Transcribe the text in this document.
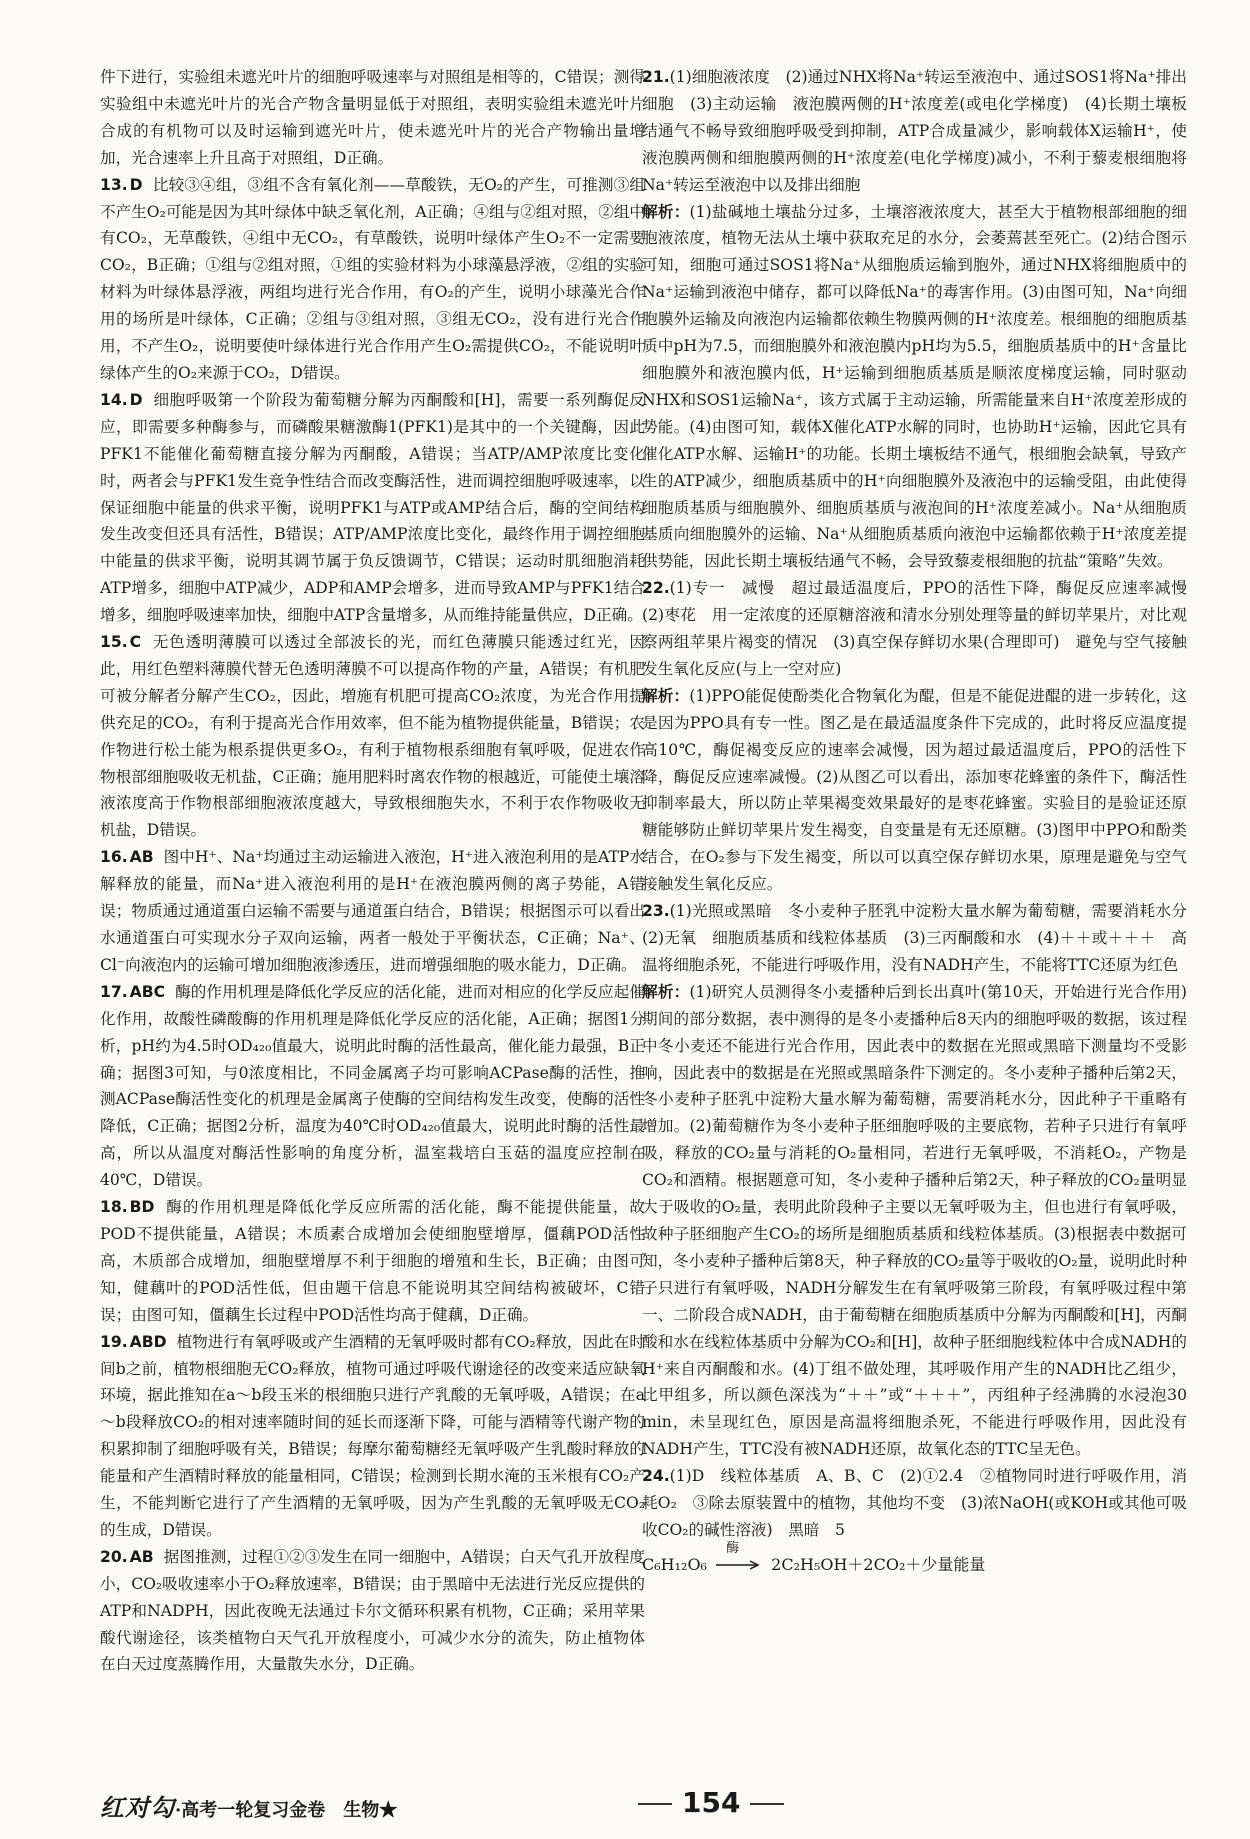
件下进行，实验组未遮光叶片的细胞呼吸速率与对照组是相等的，C错误；测得实验组中未遮光叶片的光合产物含量明显低于对照组，表明实验组未遮光叶片合成的有机物可以及时运输到遮光叶片，使未遮光叶片的光合产物输出量增加，光合速率上升且高于对照组，D正确。
13. D 比较③④组，③组不含有氧化剂——草酸铁，无O₂的产生，可推测③组不产生O₂可能是因为其叶绿体中缺乏氧化剂，A正确；④组与②组对照，②组中有CO₂，无草酸铁，④组中无CO₂，有草酸铁，说明叶绿体产生O₂不一定需要CO₂，B正确；①组与②组对照，①组的实验材料为小球藻悬浮液，②组的实验材料为叶绿体悬浮液，两组均进行光合作用，有O₂的产生，说明小球藻光合作用的场所是叶绿体，C正确；②组与③组对照，③组无CO₂，没有进行光合作用，不产生O₂，说明要使叶绿体进行光合作用产生O₂需提供CO₂，不能说明叶绿体产生的O₂来源于CO₂，D错误。
14. D 细胞呼吸第一个阶段为葡萄糖分解为丙酮酸和[H]，需要一系列酶促反应，即需要多种酶参与，而磷酸果糖激酶1(PFK1)是其中的一个关键酶，因此PFK1不能催化葡萄糖直接分解为丙酮酸，A错误；当ATP/AMP浓度比变化时，两者会与PFK1发生竞争性结合而改变酶活性，进而调控细胞呼吸速率，以保证细胞中能量的供求平衡，说明PFK1与ATP或AMP结合后，酶的空间结构发生改变但还具有活性，B错误；ATP/AMP浓度比变化，最终作用于调控细胞中能量的供求平衡，说明其调节属于负反馈调节，C错误；运动时肌细胞消耗ATP增多，细胞中ATP减少，ADP和AMP会增多，进而导致AMP与PFK1结合增多，细胞呼吸速率加快，细胞中ATP含量增多，从而维持能量供应，D正确。
15. C 无色透明薄膜可以透过全部波长的光，而红色薄膜只能透过红光，因此，用红色塑料薄膜代替无色透明薄膜不可以提高作物的产量，A错误；有机肥可被分解者分解产生CO₂，因此，増施有机肥可提高CO₂浓度，为光合作用提供充足的CO₂，有利于提高光合作用效率，但不能为植物提供能量，B错误；农作物进行松土能为根系提供更多O₂，有利于植物根系细胞有氧呼吸，促进农作物根部细胞吸收无机盐，C正确；施用肥料时离农作物的根越近，可能使土壤溶液浓度高于作物根部细胞液浓度越大，导致根细胞失水，不利于农作物吸收无机盐，D错误。
16. AB 图中H⁺、Na⁺均通过主动运输进入液泡，H⁺进入液泡利用的是ATP水解释放的能量，而Na⁺进入液泡利用的是H⁺在液泡膜两侧的离子势能，A错误；物质通过通道蛋白运输不需要与通道蛋白结合，B错误；根据图示可以看出水通道蛋白可实现水分子双向运输，两者一般处于平衡状态，C正确；Na⁺、Cl⁻向液泡内的运输可增加细胞液渗透压，进而增强细胞的吸水能力，D正确。
17. ABC 酶的作用机理是降低化学反应的活化能，进而对相应的化学反应起催化作用，故酸性磷酸酶的作用机理是降低化学反应的活化能，A正确；据图1分析，pH约为4.5时OD₄₂₀值最大，说明此时酶的活性最高，催化能力最强，B正确；据图3可知，与0浓度相比，不同金属离子均可影响ACPase酶的活性，推测ACPase酶活性变化的机理是金属离子使酶的空间结构发生改变，使酶的活性降低，C正确；据图2分析，温度为40℃时OD₄₂₀值最大，说明此时酶的活性最高，所以从温度对酶活性影响的角度分析，温室栽培白玉菇的温度应控制在40℃，D错误。
18. BD 酶的作用机理是降低化学反应所需的活化能，酶不能提供能量，故POD不提供能量，A错误；木质素合成增加会使细胞壁增厚，僵藕POD活性高，木质部合成增加，细胞壁增厚不利于细胞的增殖和生长，B正确；由图可知，健藕叶的POD活性低，但由题干信息不能说明其空间结构被破坏，C错误；由图可知，僵藕生长过程中POD活性均高于健藕，D正确。
19. ABD 植物进行有氧呼吸或产生酒精的无氧呼吸时都有CO₂释放，因此在时间b之前，植物根细胞无CO₂释放，植物可通过呼吸代谢途径的改变来适应缺氧环境，据此推知在a～b段玉米的根细胞只进行产乳酸的无氧呼吸，A错误；在a～b段释放CO₂的相对速率随时间的延长而逐渐下降，可能与酒精等代谢产物的积累抑制了细胞呼吸有关，B错误；每摩尔葡萄糖经无氧呼吸产生乳酸时释放的能量和产生酒精时释放的能量相同，C错误；检测到长期水淹的玉米根有CO₂产生，不能判断它进行了产生酒精的无氧呼吸，因为产生乳酸的无氧呼吸无CO₂的生成，D错误。
20. AB 据图推测，过程①②③发生在同一细胞中，A错误；白天气孔开放程度小，CO₂吸收速率小于O₂释放速率，B错误；由于黑暗中无法进行光反应提供的ATP和NADPH，因此夜晚无法通过卡尔文循环积累有机物，C正确；采用苹果酸代谢途径，该类植物白天气孔开放程度小，可减少水分的流失，防止植物体在白天过度蒸腾作用，大量散失水分，D正确。
21.(1)细胞液浓度　(2)通过NHX将Na⁺转运至液泡中、通过SOS1将Na⁺排出细胞　(3)主动运输　液泡膜两侧的H⁺浓度差(或电化学梯度)　(4)长期土壤板结通气不畅导致细胞呼吸受到抑制，ATP合成量减少，影响载体X运输H⁺，使液泡膜两侧和细胞膜两侧的H⁺浓度差(电化学梯度)减小，不利于藜麦根细胞将Na⁺转运至液泡中以及排出细胞
解析：(1)盐碱地土壤盐分过多，土壤溶液浓度大，甚至大于植物根部细胞的细胞液浓度，植物无法从土壤中获取充足的水分，会萎蔫甚至死亡。(2)结合图示可知，细胞可通过SOS1将Na⁺从细胞质运输到胞外，通过NHX将细胞质中的Na⁺运输到液泡中储存，都可以降低Na⁺的毒害作用。(3)由图可知，Na⁺向细胞膜外运输及向液泡内运输都依赖生物膜两侧的H⁺浓度差。根细胞的细胞质基质中pH为7.5，而细胞膜外和液泡膜内pH均为5.5，细胞质基质中的H⁺含量比细胞膜外和液泡膜内低，H⁺运输到细胞质基质是顺浓度梯度运输，同时驱动NHX和SOS1运输Na⁺，该方式属于主动运输，所需能量来自H⁺浓度差形成的势能。(4)由图可知，载体X催化ATP水解的同时，也协助H⁺运输，因此它具有催化ATP水解、运输H⁺的功能。长期土壤板结不通气，根细胞会缺氧，导致产生的ATP减少，细胞质基质中的H⁺向细胞膜外及液泡中的运输受阻，由此使得细胞质基质与细胞膜外、细胞质基质与液泡间的H⁺浓度差减小。Na⁺从细胞质基质向细胞膜外的运输、Na⁺从细胞质基质向液泡中运输都依赖于H⁺浓度差提供势能，因此长期土壤板结通气不畅，会导致藜麦根细胞的抗盐“策略”失效。
22.(1)专一　减慢　超过最适温度后，PPO的活性下降，酶促反应速率减慢　(2)枣花　用一定浓度的还原糖溶液和清水分别处理等量的鲜切苹果片，对比观察两组苹果片褐变的情况　(3)真空保存鲜切水果(合理即可)　避免与空气接触发生氧化反应(与上一空对应)
解析：(1)PPO能促使酚类化合物氧化为醌，但是不能促进醌的进一步转化，这是因为PPO具有专一性。图乙是在最适温度条件下完成的，此时将反应温度提高10℃，酶促褐变反应的速率会减慢，因为超过最适温度后，PPO的活性下降，酶促反应速率减慢。(2)从图乙可以看出，添加枣花蜂蜜的条件下，酶活性抑制率最大，所以防止苹果褐变效果最好的是枣花蜂蜜。实验目的是验证还原糖能够防止鲜切苹果片发生褐变，自变量是有无还原糖。(3)图甲中PPO和酚类结合，在O₂参与下发生褐变，所以可以真空保存鲜切水果，原理是避免与空气接触发生氧化反应。
23.(1)光照或黑暗　冬小麦种子胚乳中淀粉大量水解为葡萄糖，需要消耗水分　(2)无氧　细胞质基质和线粒体基质　(3)三丙酮酸和水　(4)＋＋或＋＋＋　高温将细胞杀死，不能进行呼吸作用，没有NADH产生，不能将TTC还原为红色
解析：(1)研究人员测得冬小麦播种后到长出真叶(第10天，开始进行光合作用)期间的部分数据，表中测得的是冬小麦播种后8天内的细胞呼吸的数据，该过程中冬小麦还不能进行光合作用，因此表中的数据在光照或黑暗下测量均不受影响，因此表中的数据是在光照或黑暗条件下测定的。冬小麦种子播种后第2天，冬小麦种子胚乳中淀粉大量水解为葡萄糖，需要消耗水分，因此种子干重略有增加。(2)葡萄糖作为冬小麦种子胚细胞呼吸的主要底物，若种子只进行有氧呼吸，释放的CO₂量与消耗的O₂量相同，若进行无氧呼吸，不消耗O₂，产物是CO₂和酒精。根据题意可知，冬小麦种子播种后第2天，种子释放的CO₂量明显大于吸收的O₂量，表明此阶段种子主要以无氧呼吸为主，但也进行有氧呼吸，故种子胚细胞产生CO₂的场所是细胞质基质和线粒体基质。(3)根据表中数据可知，冬小麦种子播种后第8天，种子释放的CO₂量等于吸收的O₂量，说明此时种子只进行有氧呼吸，NADH分解发生在有氧呼吸第三阶段，有氧呼吸过程中第一、二阶段合成NADH，由于葡萄糖在细胞质基质中分解为丙酮酸和[H]，丙酮酸和水在线粒体基质中分解为CO₂和[H]，故种子胚细胞线粒体中合成NADH的H⁺来自丙酮酸和水。(4)丁组不做处理，其呼吸作用产生的NADH比乙组少，比甲组多，所以颜色深浅为“＋＋”或“＋＋＋”，丙组种子经沸腾的水浸泡30 min，未呈现红色，原因是高温将细胞杀死，不能进行呼吸作用，因此没有NADH产生，TTC没有被NADH还原，故氧化态的TTC呈无色。
24.(1)D　线粒体基质　A、B、C　(2)①2.4　②植物同时进行呼吸作用，消耗O₂　③除去原装置中的植物，其他均不变　(3)浓NaOH(或KOH或其他可吸收CO₂的碱性溶液)　黑暗　5
C₆H₁₂O₆
酶
2C₂H₅OH＋2CO₂＋少量能量
红对勾·高考一轮复习金卷　生物★	154
